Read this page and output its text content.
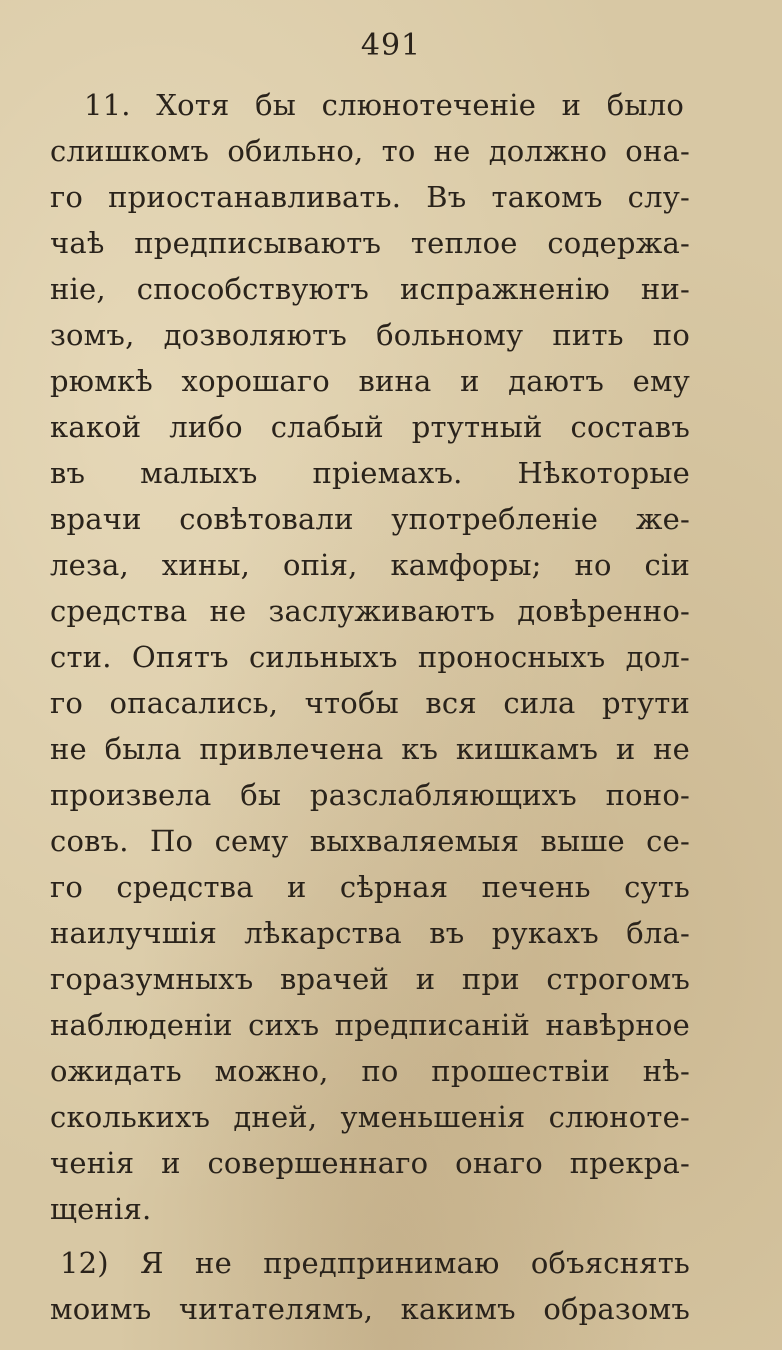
491
11. Хотя бы слюнотеченіе и было
слишкомъ обильно, то не должно она-
го приостанавливать. Въ такомъ слу-
чаѣ предписываютъ теплое содержа-
ніе, способствуютъ испражненію ни-
зомъ, дозволяютъ больному пить по
рюмкѣ хорошаго вина и даютъ ему
какой либо слабый ртутный составъ
въ малыхъ пріемахъ. Нѣкоторые
врачи совѣтовали употребленіе же-
леза, хины, опія, камфоры; но сіи
средства не заслуживаютъ довѣренно-
сти. Опятъ сильныхъ проносныхъ дол-
го опасались, чтобы вся сила ртути
не была привлечена къ кишкамъ и не
произвела бы разслабляющихъ поно-
совъ. По сему выхваляемыя выше се-
го средства и сѣрная печень суть
наилучшія лѣкарства въ рукахъ бла-
горазумныхъ врачей и при строгомъ
наблюденіи сихъ предписаній навѣрное
ожидать можно, по прошествіи нѣ-
сколькихъ дней, уменьшенія слюноте-
ченія и совершеннаго онаго прекра-
щенія.
12) Я не предпринимаю объяснять
моимъ читателямъ, какимъ образомъ
